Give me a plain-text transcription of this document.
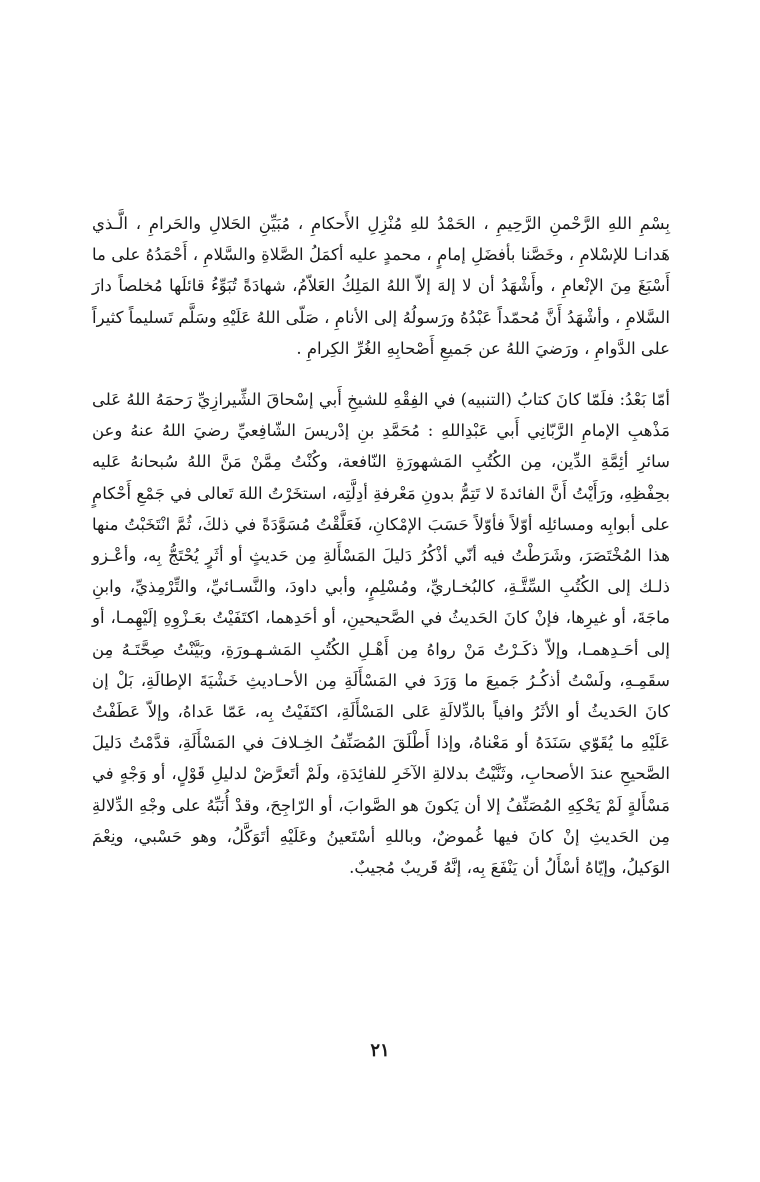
بِسْمِ اللهِ الرَّحْمنِ الرَّحِيمِ ، الحَمْدُ للهِ مُنْزِلِ الأَحكامِ ، مُبَيِّنِ الحَلالِ والحَرامِ ، الَّـذي هَدانـا للإسْلامِ ، وخَصَّنا بأفضَلِ إمامٍ ، محمدٍ عليه أكمَلُ الصَّلاةِ والسَّلامِ ، أَحْمَدُهُ على ما أَسْبَغَ مِنَ الإنْعامِ ، وأَشْهَدُ أن لا إلهَ إلاّ اللهُ المَلِكُ العَلاّمُ، شهادَةً تُبَوِّءُ قائلَها مُخلصاً دارَ السَّلامِ ، وأشْهَدُ أَنَّ مُحمّداً عَبْدُهُ ورَسولُهُ إلى الأنامِ ، صَلّى اللهُ عَلَيْهِ وسَلَّم تَسليماً كثيراً على الدَّوامِ ، ورَضيَ اللهُ عن جَميعِ أَصْحابِهِ الغُرِّ الكِرامِ .

أمّا بَعْدُ: فلَمّا كانَ كتابُ (التنبيه) في الفِقْهِ للشيخِ أَبي إسْحاقَ الشِّيرازِيِّ رَحمَهُ اللهُ عَلى مَذْهبِ الإمامِ الرَّبّانِي أَبي عَبْدِاللهِ : مُحَمَّدِ بنِ إدْريسَ الشّافِعيِّ رضيَ اللهُ عنهُ وعن سائرِ أئِمَّةِ الدِّين، مِن الكُتُبِ المَشهورَةِ النّافعة، وكُنْتُ مِمَّنْ مَنَّ اللهُ سُبحانهُ عَليه بحِفْظِهِ، ورَأَيْتُ أَنَّ الفائدةَ لا تَتِمُّ بدونِ مَعْرفةِ أدِلَّتِه، استخَرْتُ اللهَ تَعالى في جَمْعِ أَحْكامٍ على أبوابِه ومسائلِه أوّلاً فأوّلاً حَسَبَ الإمْكانِ، فَعَلَّقْتُ مُسَوَّدَةً في ذلكَ، ثُمَّ انْتَخَبْتُ منها هذا المُخْتَصَرَ، وشَرَطْتُ فيه أنّي أذْكُرُ دَليلَ المَسْأَلةِ مِن حَديثٍ أو أثَرٍ يُحْتَجُّ بِه، وأعْـزو ذلـك إلى الكُتُبِ السِّتَّـةِ، كالبُخـاريِّ، ومُسْلِمٍ، وأبي داودَ، والنَّسـائيِّ، والتِّرْمِذيِّ، وابنِ ماجَةَ، أو غيرِها، فإنْ كانَ الحَديثُ في الصَّحيحينِ، أو أحَدِهما، اكتَفَيْتُ بعَـزْوِهِ إلَيْهِمـا، أو إلى أحَـدِهمـا، وإلاّ ذكَـرْتُ مَنْ رواهُ مِن أَهْـلِ الكُتُبِ المَشـهـورَةِ، وبَيَّنْتُ صِحَّتَـهُ مِن سقَمِـهِ، ولَسْتُ أذكُـرُ جَميعَ ما وَرَدَ في المَسْأَلَةِ مِن الأحـاديثِ خَشْيَةَ الإطالَةِ، بَلْ إن كانَ الحَديثُ أو الأثَرُ وافياً بالدِّلالَةِ عَلى المَسْأَلَةِ، اكتَفَيْتُ بِه، عَمّا عَداهُ، وإلاّ عَطَفْتُ عَلَيْهِ ما يُقَوّي سَنَدَهُ أو مَعْناهُ، وإذا أَطْلَقَ المُصَنِّفُ الخِـلافَ في المَسْأَلَةِ، قدَّمْتُ دَليلَ الصَّحيحِ عندَ الأصحابِ، وثَنَّيْتُ بدلالةِ الآخَرِ للفائِدَةِ، ولَمْ أتَعرَّضْ لدليلِ قَوْلٍ، أو وَجْهٍ في مَسْأَلةٍ لَمْ يَحْكِهِ المُصَنِّفُ إلا أن يَكونَ هو الصَّوابَ، أو الرّاجِحَ، وقدْ أُنَبِّهُ على وجْهِ الدِّلالةِ مِن الحَديثِ إنْ كانَ فيها غُموضٌ، وباللهِ أسْتَعينُ وعَلَيْهِ أتَوَكَّلُ، وهو حَسْبي، ونِعْمَ الوَكيلُ، وإيّاهُ أسْأَلُ أن يَنْفَعَ بِه، إنَّهُ قَريبٌ مُجيبٌ.

٢١
